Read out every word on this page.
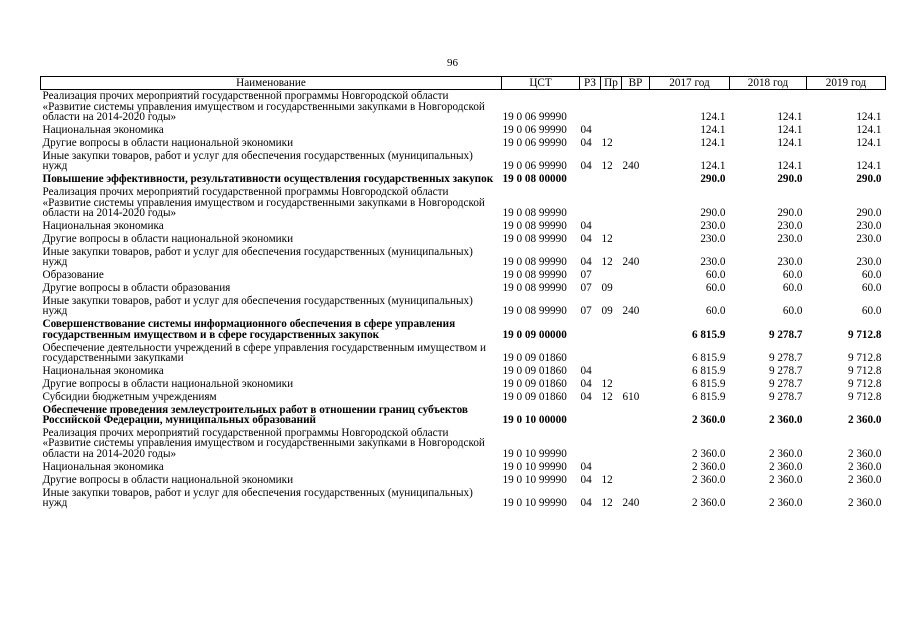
96
Наименование	ЦСТ	РЗ	Пр	ВР	2017 год	2018 год	2019 год
Реализация прочих мероприятий государственной программы Новгородской области «Развитие системы управления имуществом и государственными закупками в Новгородской области на 2014-2020 годы»	19 0 06 99990				124.1	124.1	124.1
Национальная экономика	19 0 06 99990	04			124.1	124.1	124.1
Другие вопросы в области национальной экономики	19 0 06 99990	04	12		124.1	124.1	124.1
Иные закупки товаров, работ и услуг для обеспечения государственных (муниципальных) нужд	19 0 06 99990	04	12	240	124.1	124.1	124.1
Повышение эффективности, результативности осуществления государственных закупок	19 0 08 00000				290.0	290.0	290.0
Реализация прочих мероприятий государственной программы Новгородской области «Развитие системы управления имуществом и государственными закупками в Новгородской области на 2014-2020 годы»	19 0 08 99990				290.0	290.0	290.0
Национальная экономика	19 0 08 99990	04			230.0	230.0	230.0
Другие вопросы в области национальной экономики	19 0 08 99990	04	12		230.0	230.0	230.0
Иные закупки товаров, работ и услуг для обеспечения государственных (муниципальных) нужд	19 0 08 99990	04	12	240	230.0	230.0	230.0
Образование	19 0 08 99990	07			60.0	60.0	60.0
Другие вопросы в области образования	19 0 08 99990	07	09		60.0	60.0	60.0
Иные закупки товаров, работ и услуг для обеспечения государственных (муниципальных) нужд	19 0 08 99990	07	09	240	60.0	60.0	60.0
Совершенствование системы информационного обеспечения в сфере управления государственным имуществом и в сфере государственных закупок	19 0 09 00000				6 815.9	9 278.7	9 712.8
Обеспечение деятельности учреждений в сфере управления государственным имуществом и государственными закупками	19 0 09 01860				6 815.9	9 278.7	9 712.8
Национальная экономика	19 0 09 01860	04			6 815.9	9 278.7	9 712.8
Другие вопросы в области национальной экономики	19 0 09 01860	04	12		6 815.9	9 278.7	9 712.8
Субсидии бюджетным учреждениям	19 0 09 01860	04	12	610	6 815.9	9 278.7	9 712.8
Обеспечение проведения землеустроительных работ в отношении границ субъектов Российской Федерации, муниципальных образований	19 0 10 00000				2 360.0	2 360.0	2 360.0
Реализация прочих мероприятий государственной программы Новгородской области «Развитие системы управления имуществом и государственными закупками в Новгородской области на 2014-2020 годы»	19 0 10 99990				2 360.0	2 360.0	2 360.0
Национальная экономика	19 0 10 99990	04			2 360.0	2 360.0	2 360.0
Другие вопросы в области национальной экономики	19 0 10 99990	04	12		2 360.0	2 360.0	2 360.0
Иные закупки товаров, работ и услуг для обеспечения государственных (муниципальных) нужд	19 0 10 99990	04	12	240	2 360.0	2 360.0	2 360.0
